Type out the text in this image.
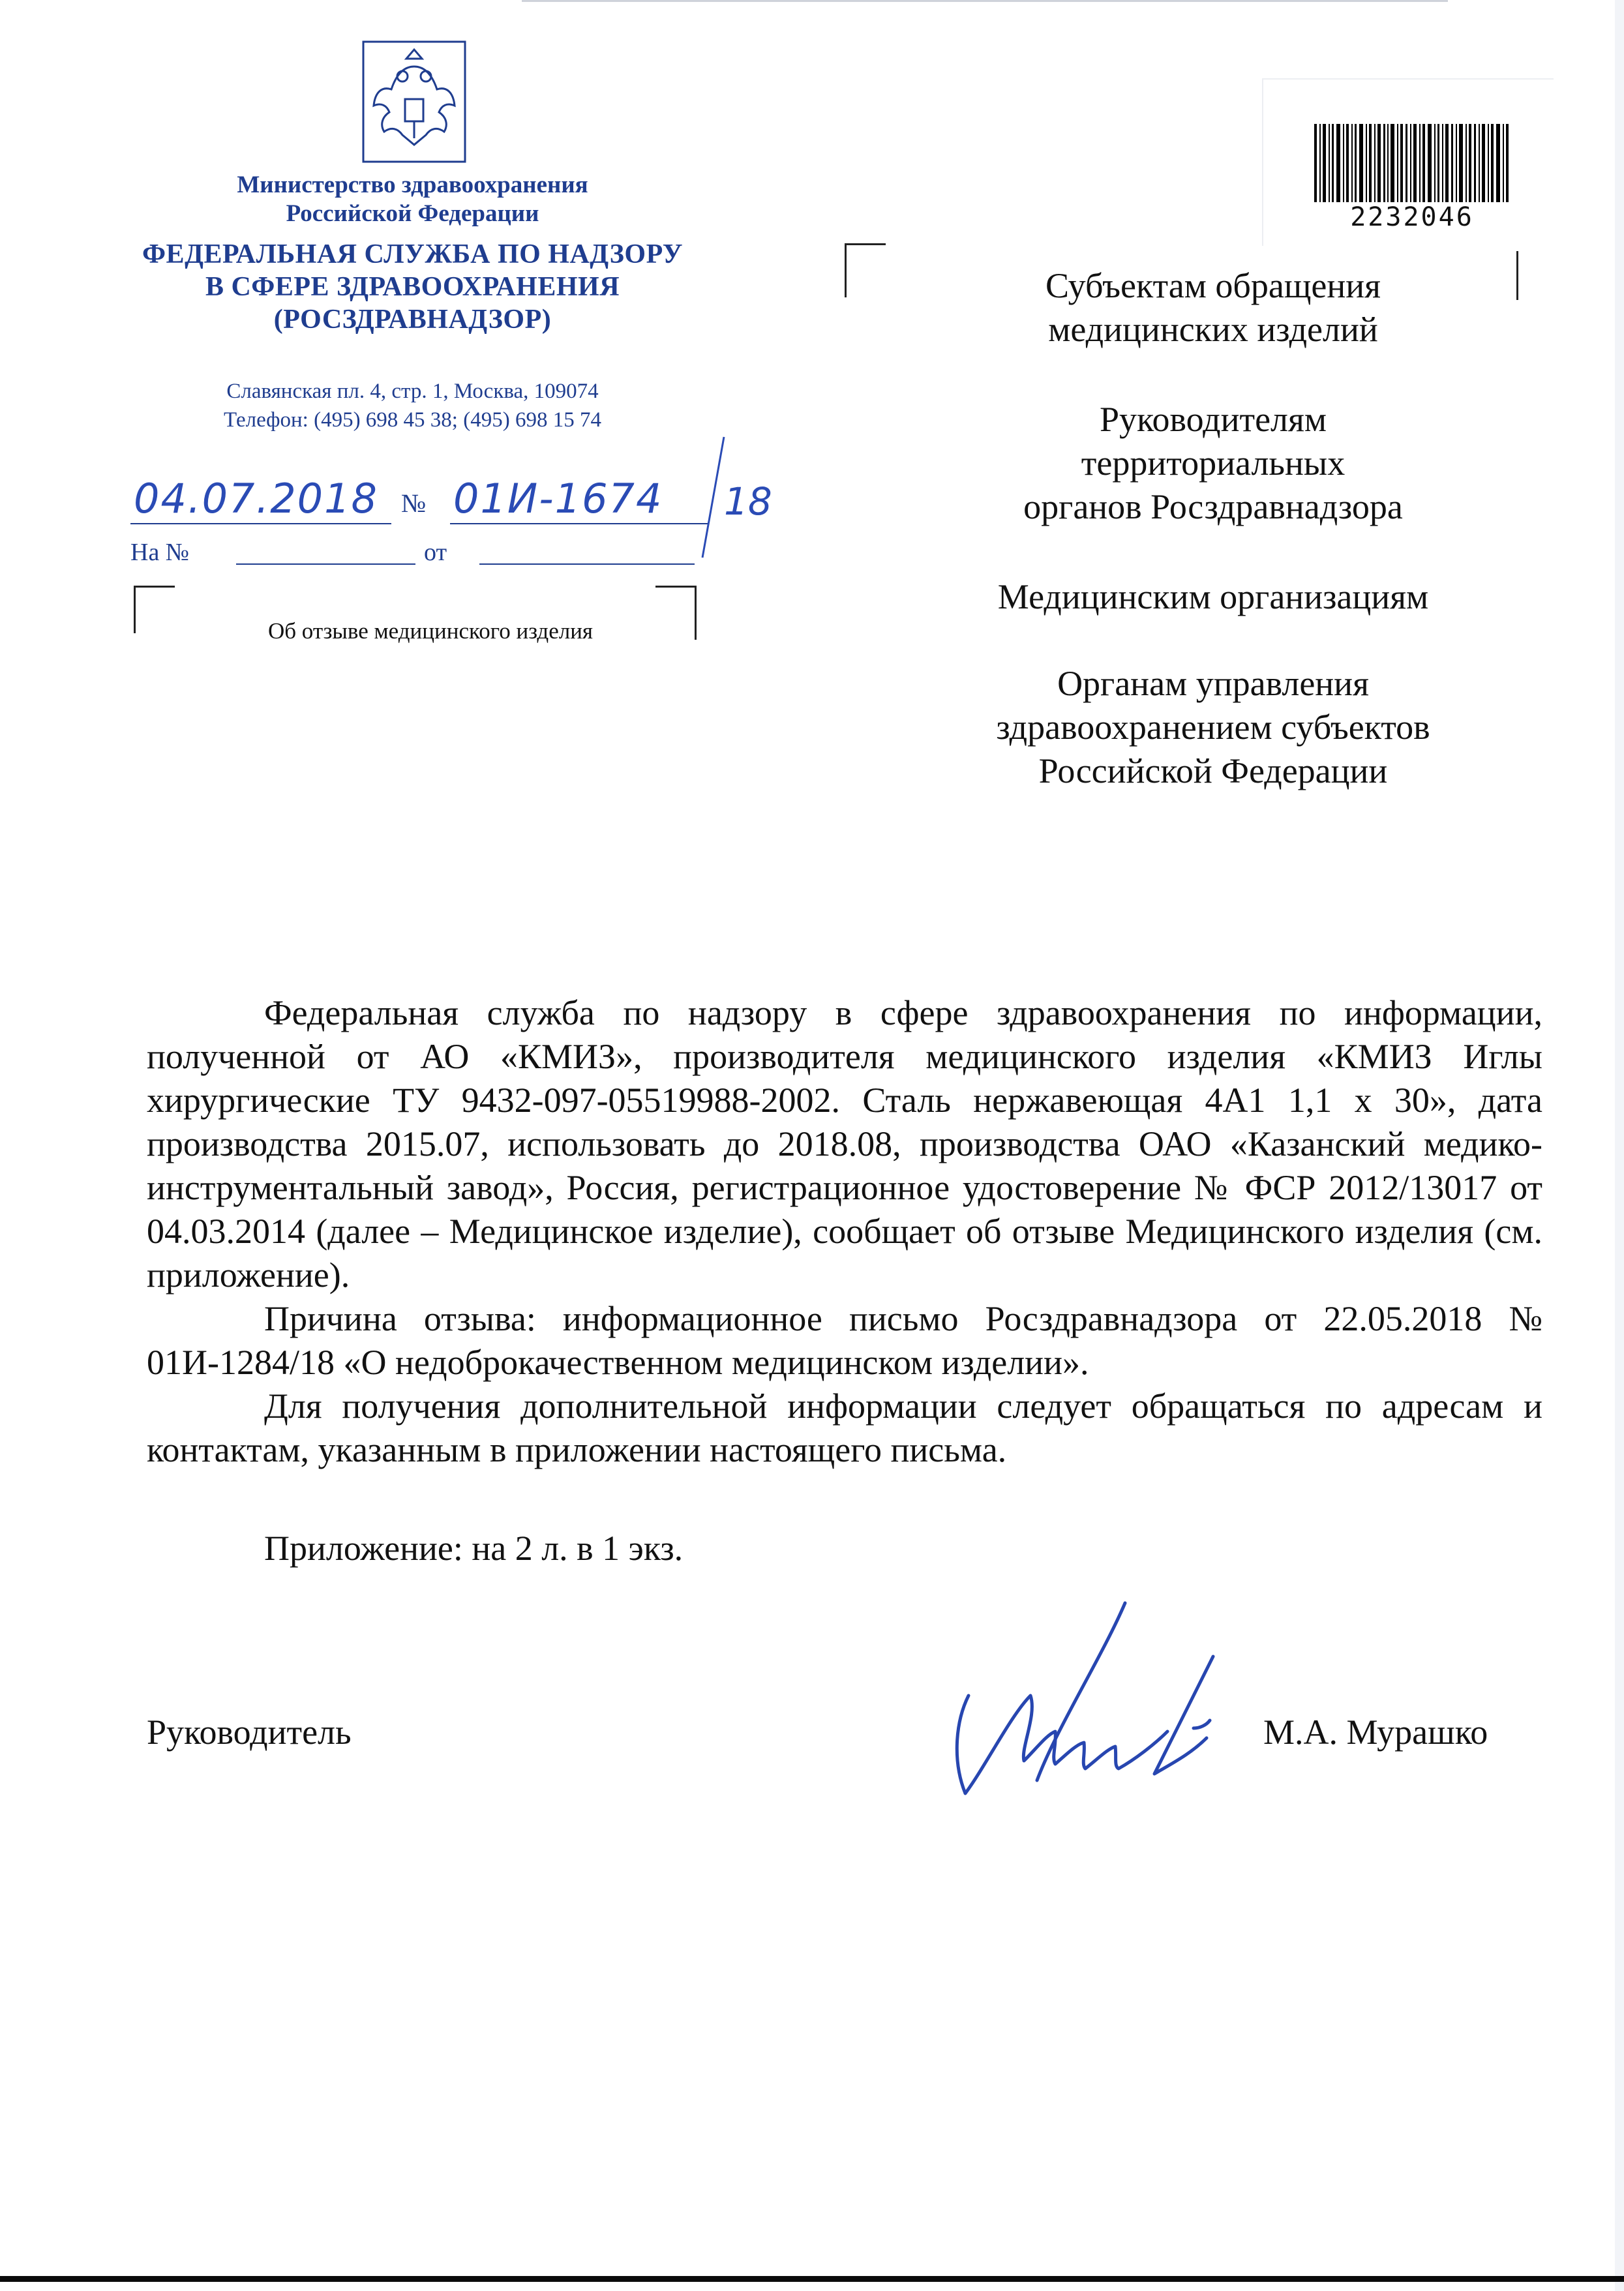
Министерство здравоохранения
Российской Федерации
ФЕДЕРАЛЬНАЯ СЛУЖБА ПО НАДЗОРУ
В СФЕРЕ ЗДРАВООХРАНЕНИЯ
(РОСЗДРАВНАДЗОР)
Славянская пл. 4, стр. 1, Москва, 109074
Телефон: (495) 698 45 38; (495) 698 15 74
04.07.2018 № 01И-1674 18
На №	от
Об отзыве медицинского изделия
2232046
Субъектам обращения
медицинских изделий
Руководителям
территориальных
органов Росздравнадзора
Медицинским организациям
Органам управления
здравоохранением субъектов
Российской Федерации

Федеральная служба по надзору в сфере здравоохранения по информации, полученной от АО «КМИЗ», производителя медицинского изделия «КМИЗ Иглы хирургические ТУ 9432-097-05519988-2002. Сталь нержавеющая 4А1 1,1 х 30», дата производства 2015.07, использовать до 2018.08, производства ОАО «Казанский медико-инструментальный завод», Россия, регистрационное удостоверение № ФСР 2012/13017 от 04.03.2014 (далее – Медицинское изделие), сообщает об отзыве Медицинского изделия (см. приложение).

Причина отзыва: информационное письмо Росздравнадзора от 22.05.2018 № 01И-1284/18 «О недоброкачественном медицинском изделии».

Для получения дополнительной информации следует обращаться по адресам и контактам, указанным в приложении настоящего письма.

Приложение: на 2 л. в 1 экз.
Руководитель	М.А. Мурашко
